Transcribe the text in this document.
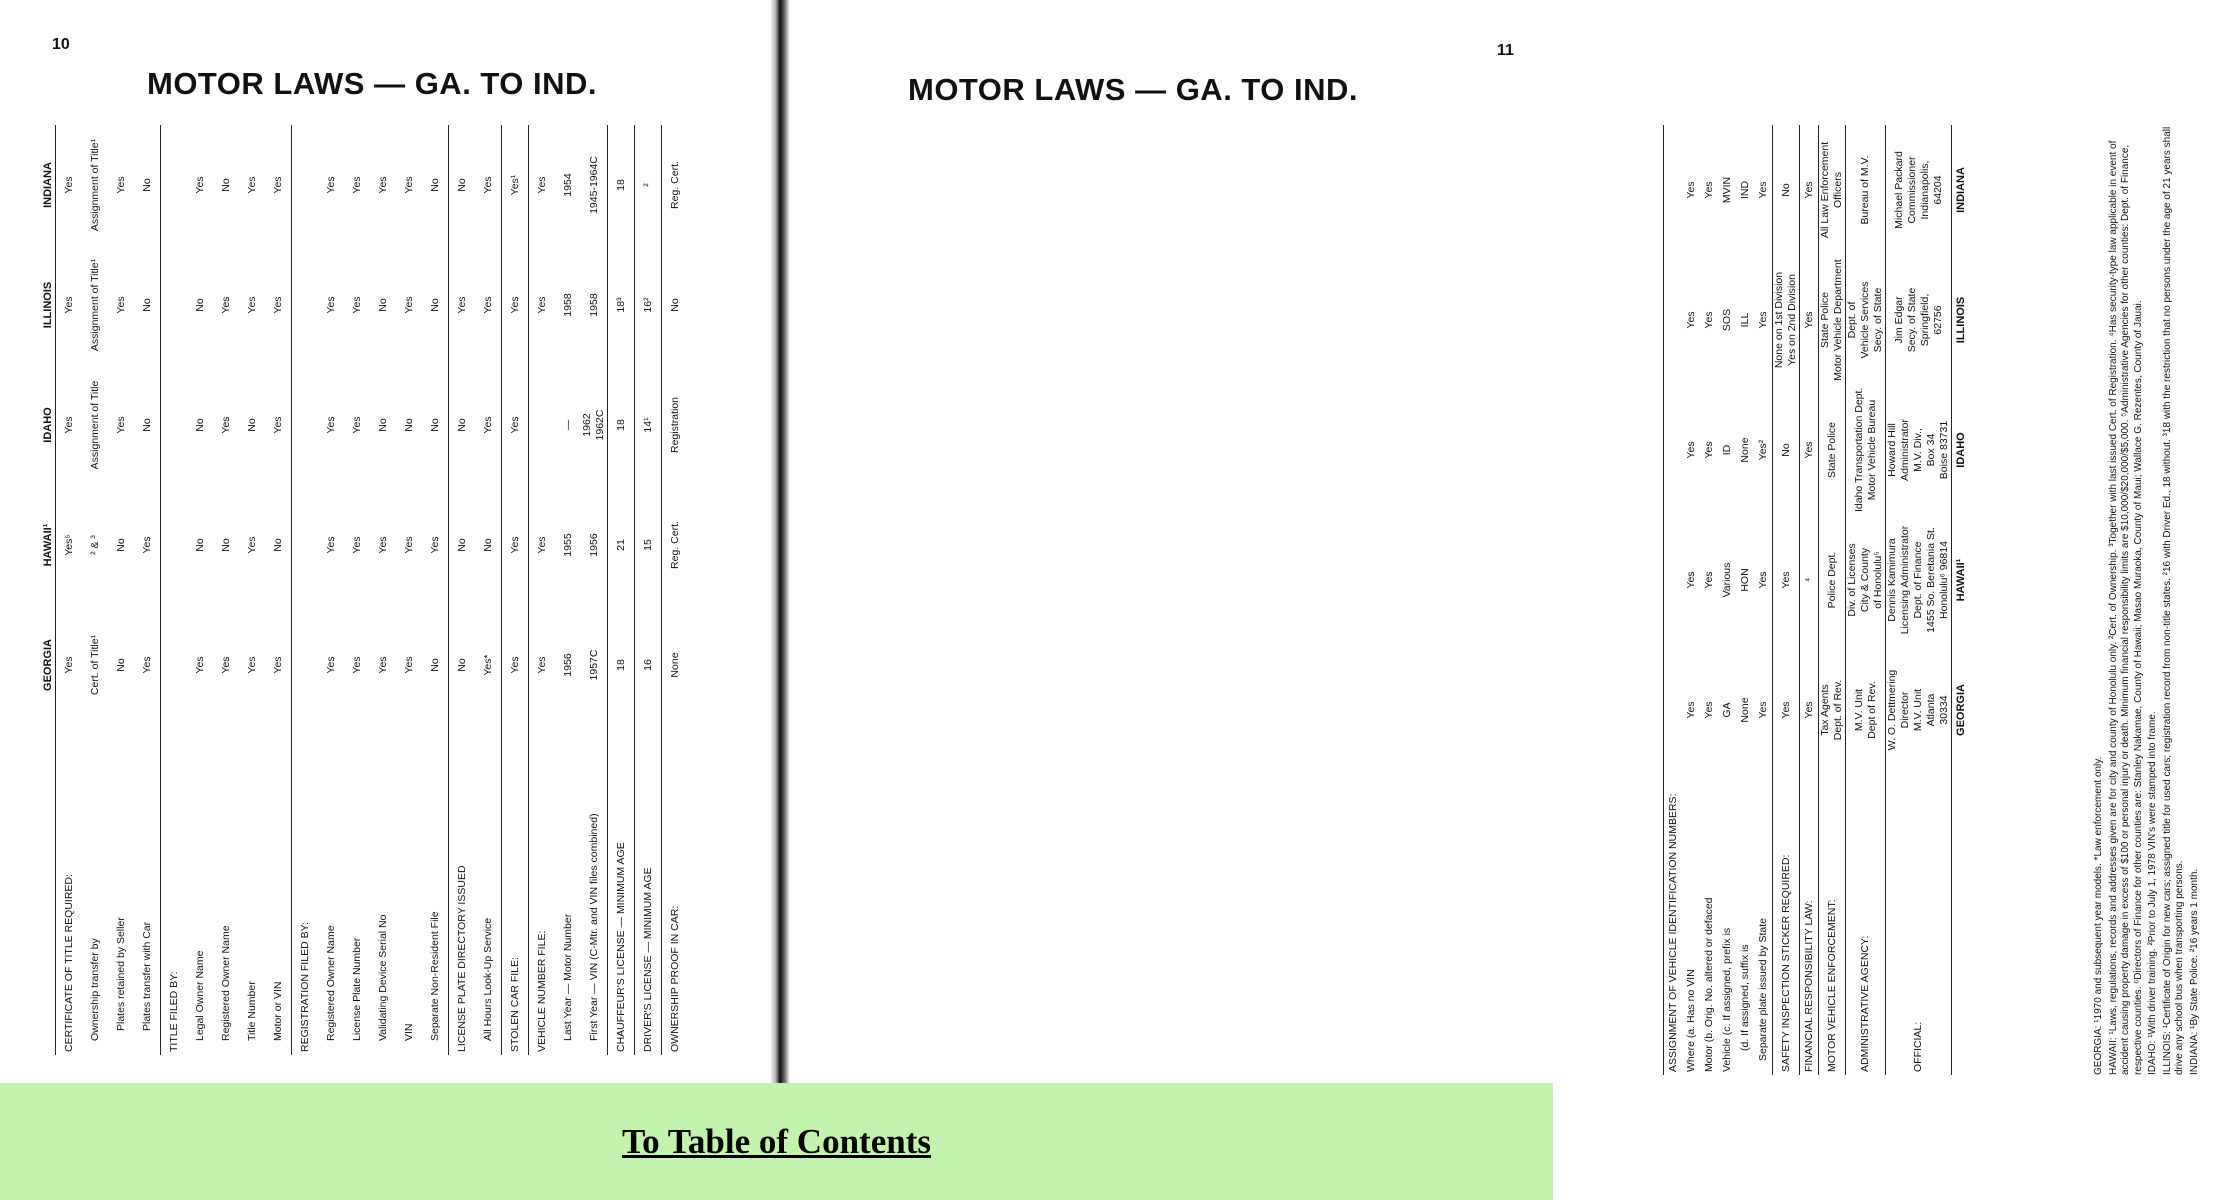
10
MOTOR LAWS — GA. TO IND.
GEORGIA
HAWAII¹
IDAHO
ILLINOIS
INDIANA
CERTIFICATE OF TITLE REQUIRED:
Yes
Yes⁵
Yes
Yes
Yes
Ownership transfer by
Cert. of Title¹
² & ³
Assignment of Title
Assignment of Title¹
Assignment of Title¹
Plates retained by Seller
No
No
Yes
Yes
Yes
Plates transfer with Car
Yes
Yes
No
No
No
TITLE FILED BY:	Legal Owner Name
Yes
No
No
No
Yes
Registered Owner Name
Yes
No
Yes
Yes
No
Title Number
Yes
Yes
No
Yes
Yes
Motor or VIN
Yes
No
Yes
Yes
Yes
REGISTRATION FILED BY:	Registered Owner Name
Yes
Yes
Yes
Yes
Yes
License Plate Number
Yes
Yes
Yes
Yes
Yes
Validating Device Serial No
Yes
Yes
No
No
Yes
VIN
Yes
Yes
No
Yes
Yes
Separate Non-Resident File
No
Yes
No
No
No
LICENSE PLATE DIRECTORY ISSUED
No
No
No
Yes
No
All Hours Look-Up Service
Yes*
No
Yes
Yes
Yes
STOLEN CAR FILE:
Yes
Yes
Yes
Yes
Yes¹
VEHICLE NUMBER FILE:
Yes
Yes
Yes
Yes
Last Year — Motor Number
1956
1955
—
1958
1954
First Year — VIN (C-Mtr. and VIN files combined)
1957C
1956
1962 1962C
1958
1945-1964C
CHAUFFEUR'S LICENSE — MINIMUM AGE
18
21
18
18³
18
DRIVER'S LICENSE — MINIMUM AGE
16
15
14¹
16²
²
OWNERSHIP PROOF IN CAR:
None
Reg. Cert.
Registration
No
Reg. Cert.
11
MOTOR LAWS — GA. TO IND.
ASSIGNMENT OF VEHICLE IDENTIFICATION NUMBERS: Where (a. Has no VIN
Yes
Yes
Yes
Yes
Yes
Motor (b. Orig. No. altered or defaced
Yes
Yes
Yes
Yes
Yes
Vehicle (c. If assigned, prefix is
GA
Various
ID
SOS
MVIN
(d. If assigned, suffix is
None
HON
None
ILL
IND
Separate plate issued by State
Yes
Yes
Yes²
Yes
Yes
SAFETY INSPECTION STICKER REQUIRED:
Yes
Yes
No
None on 1st Division Yes on 2nd Division
No
FINANCIAL RESPONSIBILITY LAW:
Yes
⁴
Yes
Yes
Yes
MOTOR VEHICLE ENFORCEMENT:
Tax Agents Dept. of Rev.
Police Dept.
State Police
State Police Motor Vehicle Department
All Law Enforcement Officers
ADMINISTRATIVE AGENCY:
M.V. Unit Dept of Rev.
Div. of Licenses City & County of Honolulu⁵
Idaho Transportation Dept. Motor Vehicle Bureau
Dept. of Vehicle Services Secy. of State
Bureau of M.V.
OFFICIAL:
W. O. Dettmering Director M.V. Unit Atlanta 30334
Dennis Kamimura Licensing Administrator Dept. of Finance 1455 So. Beretania St. Honolulu⁶ 96814
Howard Hill Administrator M.V. Div., Box 34 Boise 83731
Jim Edgar Secy. of State Springfield, 62756
Michael Packard Commissioner Indianapolis, 64204
GEORGIA
HAWAII¹
IDAHO
ILLINOIS
INDIANA
GEORGIA: ¹1970 and subsequent year models. *Law enforcement only. HAWAII: ¹Laws, regulations, records and addresses given are for city and county of Honolulu only. ²Cert. of Ownership. ³Together with last issued Cert. of Registration. ⁴Has security-type law applicable in event of accident causing property damage in excess of $100 or personal injury or death. Minimum financial responsibility limits are $10,000/$20,000/$5,000. ⁵Administrative Agencies for other counties: Dept. of Finance, respective counties. ⁶Directors of Finance for other counties are: Stanley Nakamae, County of Hawaii; Masao Muraoka, County of Maui; Wallace G. Rezentes, County of Jauai. IDAHO: ¹With driver training. ²Prior to July 1, 1978 VIN's were stamped into frame. ILLINOIS: ¹Certificate of Origin for new cars; assigned title for used cars; registration record from non-title states. ²16 with Driver Ed., 18 without. ³18 with the restriction that no persons under the age of 21 years shall drive any school bus when transporting persons. INDIANA: ¹By State Police. ²16 years 1 month.
To Table of Contents
